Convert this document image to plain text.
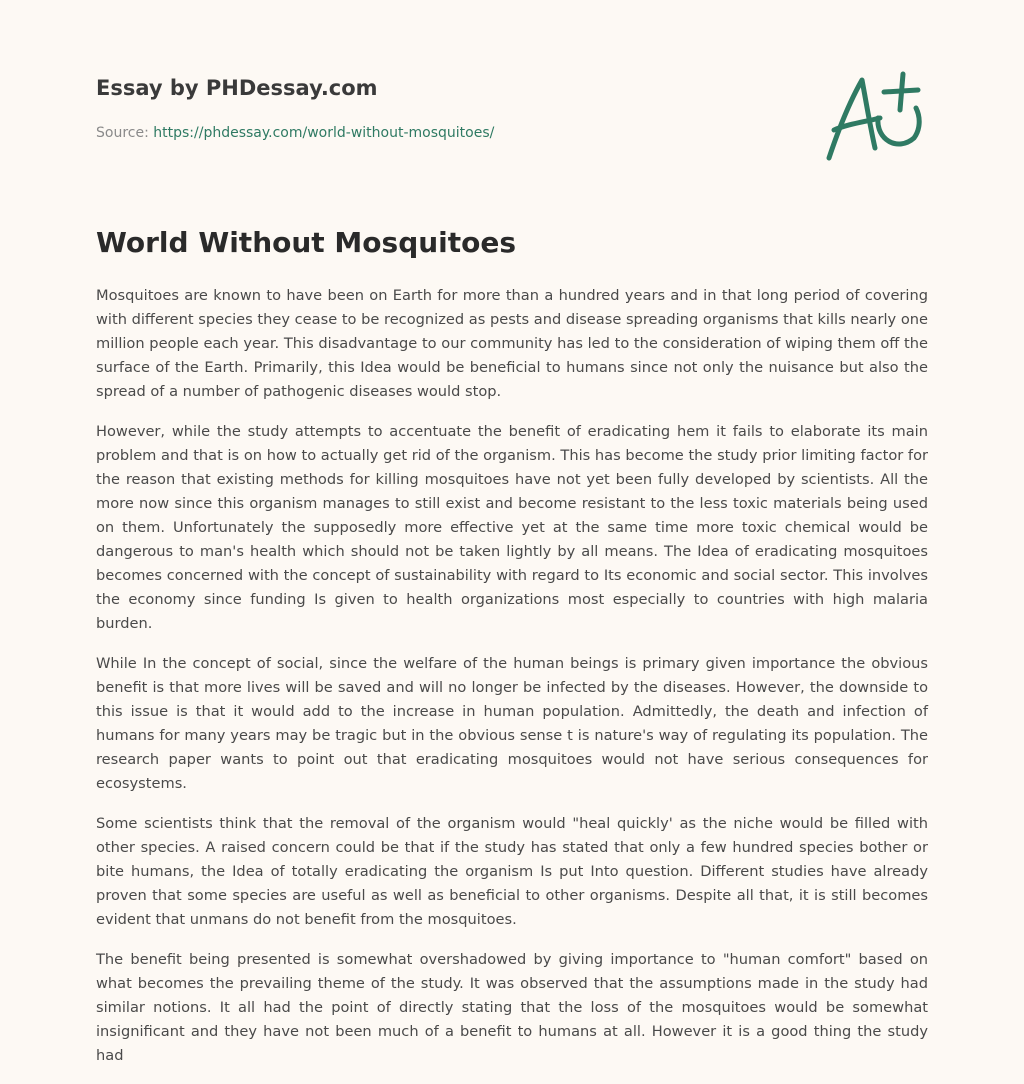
Essay by PHDessay.com
Source: https://phdessay.com/world-without-mosquitoes/
World Without Mosquitoes

Mosquitoes are known to have been on Earth for more than a hundred years and in that long period of covering with different species they cease to be recognized as pests and disease spreading organisms that kills nearly one million people each year. This disadvantage to our community has led to the consideration of wiping them off the surface of the Earth. Primarily, this Idea would be beneficial to humans since not only the nuisance but also the spread of a number of pathogenic diseases would stop.

However, while the study attempts to accentuate the benefit of eradicating hem it fails to elaborate its main problem and that is on how to actually get rid of the organism. This has become the study prior limiting factor for the reason that existing methods for killing mosquitoes have not yet been fully developed by scientists. All the more now since this organism manages to still exist and become resistant to the less toxic materials being used on them. Unfortunately the supposedly more effective yet at the same time more toxic chemical would be dangerous to man's health which should not be taken lightly by all means. The Idea of eradicating mosquitoes becomes concerned with the concept of sustainability with regard to Its economic and social sector. This involves the economy since funding Is given to health organizations most especially to countries with high malaria burden.

While In the concept of social, since the welfare of the human beings is primary given importance the obvious benefit is that more lives will be saved and will no longer be infected by the diseases. However, the downside to this issue is that it would add to the increase in human population. Admittedly, the death and infection of humans for many years may be tragic but in the obvious sense t is nature's way of regulating its population. The research paper wants to point out that eradicating mosquitoes would not have serious consequences for ecosystems.

Some scientists think that the removal of the organism would "heal quickly' as the niche would be filled with other species. A raised concern could be that if the study has stated that only a few hundred species bother or bite humans, the Idea of totally eradicating the organism Is put Into question. Different studies have already proven that some species are useful as well as beneficial to other organisms. Despite all that, it is still becomes evident that unmans do not benefit from the mosquitoes.

The benefit being presented is somewhat overshadowed by giving importance to "human comfort" based on what becomes the prevailing theme of the study. It was observed that the assumptions made in the study had similar notions. It all had the point of directly stating that the loss of the mosquitoes would be somewhat insignificant and they have not been much of a benefit to humans at all. However it is a good thing the study had
